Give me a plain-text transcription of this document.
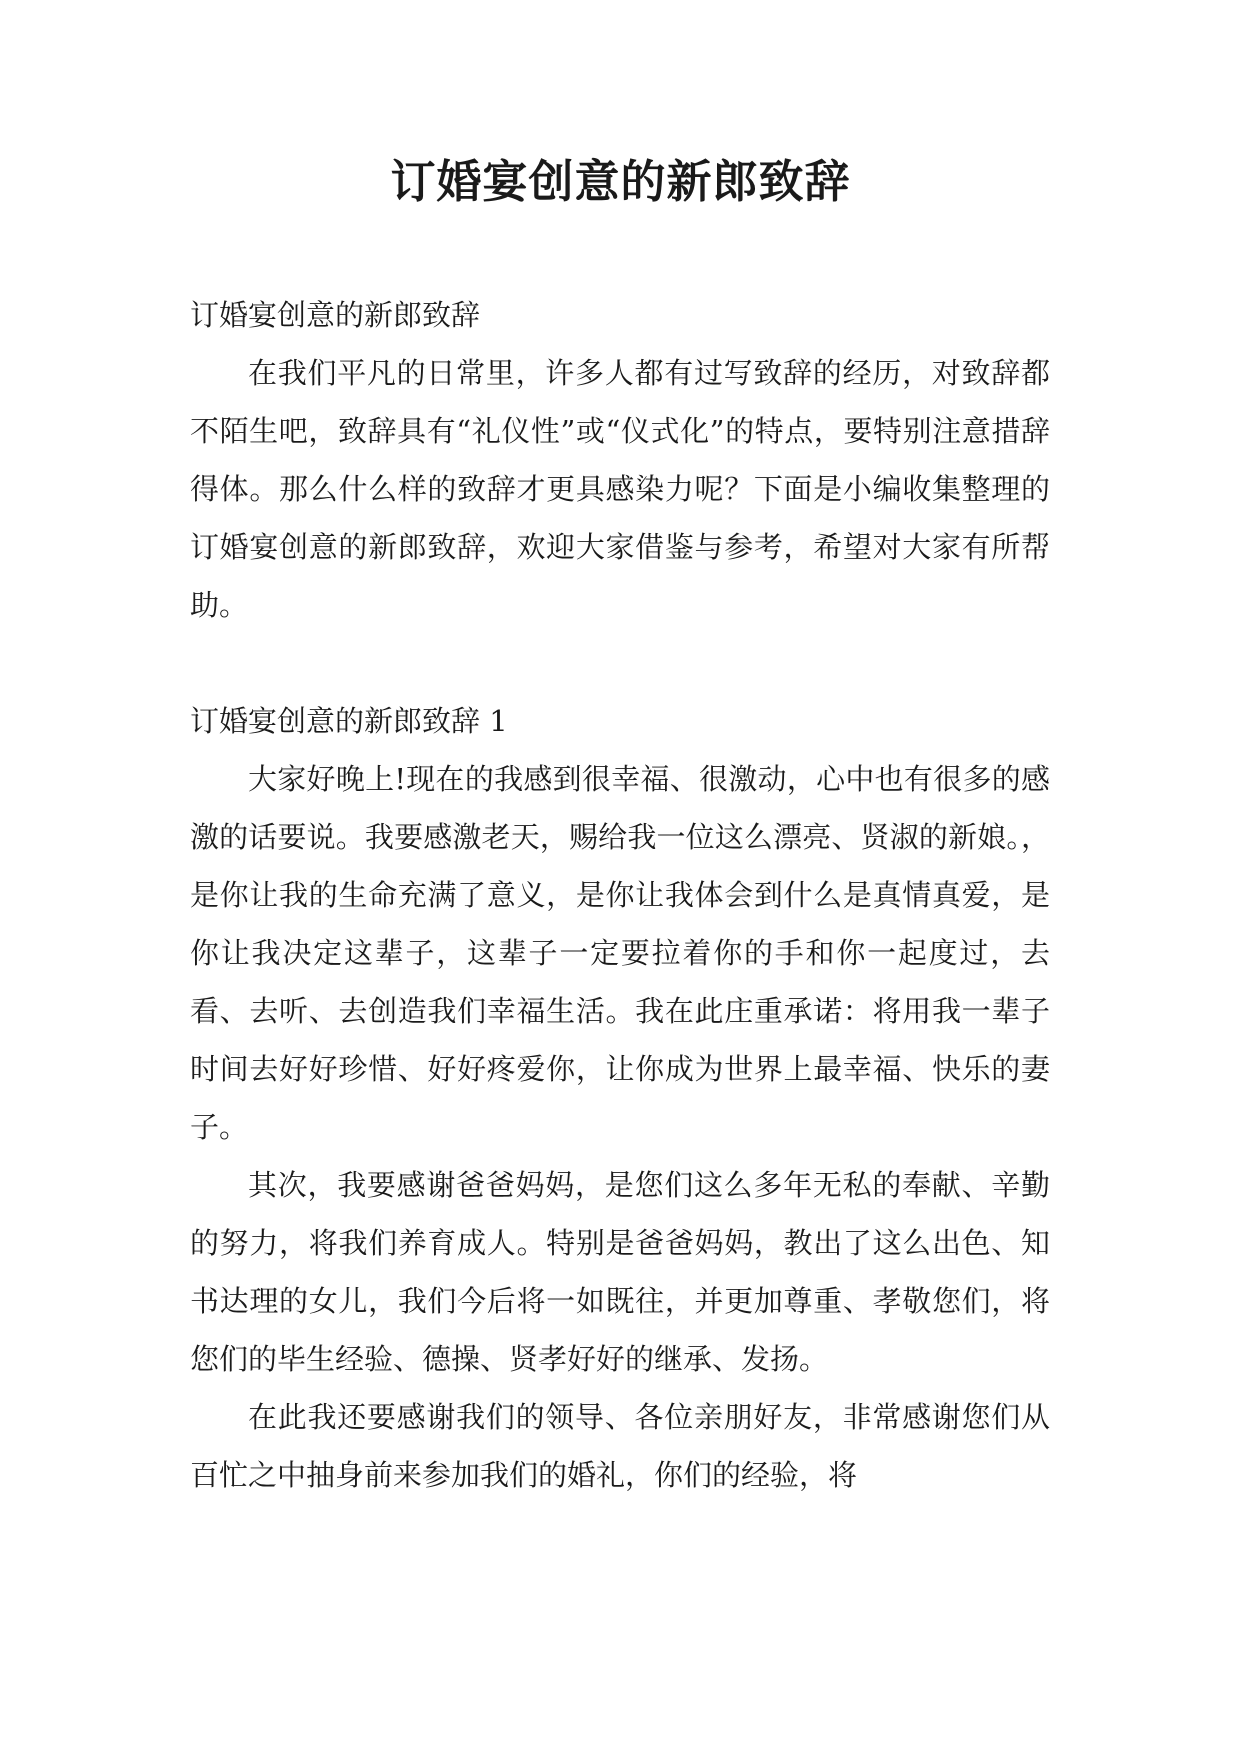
订婚宴创意的新郎致辞

订婚宴创意的新郎致辞

在我们平凡的日常里，许多人都有过写致辞的经历，对致辞都不陌生吧，致辞具有“礼仪性”或“仪式化”的特点，要特别注意措辞得体。那么什么样的致辞才更具感染力呢？下面是小编收集整理的订婚宴创意的新郎致辞，欢迎大家借鉴与参考，希望对大家有所帮助。

订婚宴创意的新郎致辞 1

大家好晚上!现在的我感到很幸福、很激动，心中也有很多的感激的话要说。我要感激老天，赐给我一位这么漂亮、贤淑的新娘。，是你让我的生命充满了意义，是你让我体会到什么是真情真爱，是你让我决定这辈子，这辈子一定要拉着你的手和你一起度过，去看、去听、去创造我们幸福生活。我在此庄重承诺：将用我一辈子时间去好好珍惜、好好疼爱你，让你成为世界上最幸福、快乐的妻子。

其次，我要感谢爸爸妈妈，是您们这么多年无私的奉献、辛勤的努力，将我们养育成人。特别是爸爸妈妈，教出了这么出色、知书达理的女儿，我们今后将一如既往，并更加尊重、孝敬您们，将您们的毕生经验、德操、贤孝好好的继承、发扬。

在此我还要感谢我们的领导、各位亲朋好友，非常感谢您们从百忙之中抽身前来参加我们的婚礼，你们的经验，将
